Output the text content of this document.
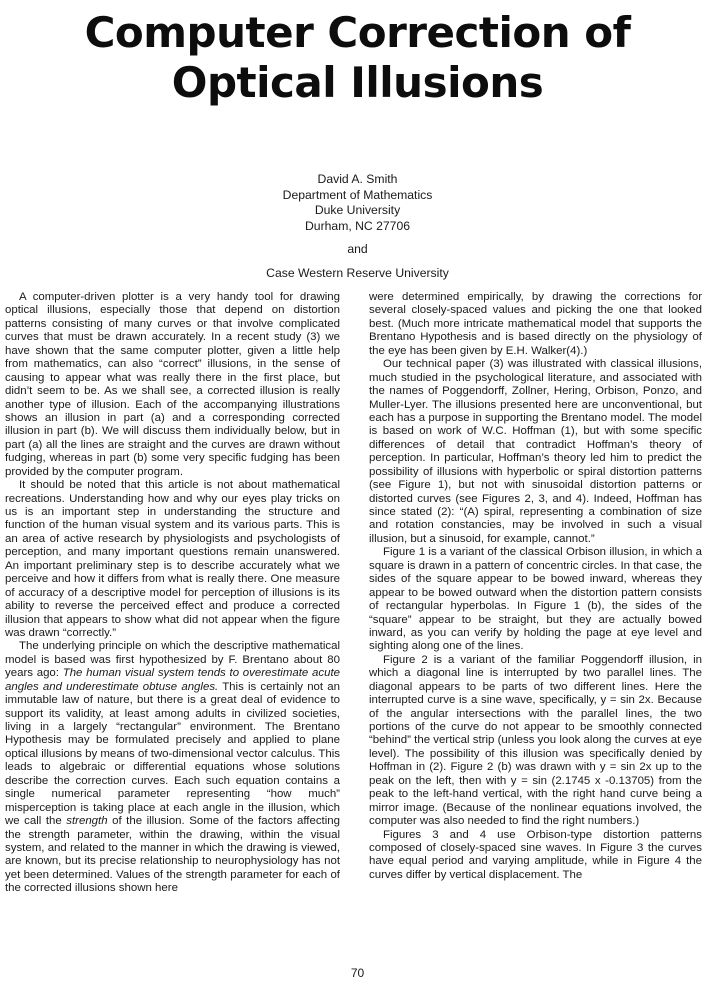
Computer Correction of
Optical Illusions
David A. Smith
Department of Mathematics
Duke University
Durham, NC 27706
and
Case Western Reserve University

A computer-driven plotter is a very handy tool for drawing optical illusions, especially those that depend on distortion patterns consisting of many curves or that involve complicated curves that must be drawn accurately. In a recent study (3) we have shown that the same computer plotter, given a little help from mathematics, can also “correct” illusions, in the sense of causing to appear what was really there in the first place, but didn’t seem to be. As we shall see, a corrected illusion is really another type of illusion. Each of the accompanying illustrations shows an illusion in part (a) and a corresponding corrected illusion in part (b). We will discuss them individually below, but in part (a) all the lines are straight and the curves are drawn without fudging, whereas in part (b) some very specific fudging has been provided by the computer program.

It should be noted that this article is not about mathematical recreations. Understanding how and why our eyes play tricks on us is an important step in understanding the structure and function of the human visual system and its various parts. This is an area of active research by physiologists and psychologists of perception, and many important questions remain unanswered. An important preliminary step is to describe accurately what we perceive and how it differs from what is really there. One measure of accuracy of a descriptive model for perception of illusions is its ability to reverse the perceived effect and produce a corrected illusion that appears to show what did not appear when the figure was drawn “correctly.”

The underlying principle on which the descriptive mathematical model is based was first hypothesized by F. Brentano about 80 years ago: The human visual system tends to overestimate acute angles and underestimate obtuse angles. This is certainly not an immutable law of nature, but there is a great deal of evidence to support its validity, at least among adults in civilized societies, living in a largely “rectangular” environment. The Brentano Hypothesis may be formulated precisely and applied to plane optical illusions by means of two-dimensional vector calculus. This leads to algebraic or differential equations whose solutions describe the correction curves. Each such equation contains a single numerical parameter representing “how much” misperception is taking place at each angle in the illusion, which we call the strength of the illusion. Some of the factors affecting the strength parameter, within the drawing, within the visual system, and related to the manner in which the drawing is viewed, are known, but its precise relationship to neurophysiology has not yet been determined. Values of the strength parameter for each of the corrected illusions shown here

were determined empirically, by drawing the corrections for several closely-spaced values and picking the one that looked best. (Much more intricate mathematical model that supports the Brentano Hypothesis and is based directly on the physiology of the eye has been given by E.H. Walker(4).)

Our technical paper (3) was illustrated with classical illusions, much studied in the psychological literature, and associated with the names of Poggendorff, Zollner, Hering, Orbison, Ponzo, and Muller-Lyer. The illusions presented here are unconventional, but each has a purpose in supporting the Brentano model. The model is based on work of W.C. Hoffman (1), but with some specific differences of detail that contradict Hoffman’s theory of perception. In particular, Hoffman’s theory led him to predict the possibility of illusions with hyperbolic or spiral distortion patterns (see Figure 1), but not with sinusoidal distortion patterns or distorted curves (see Figures 2, 3, and 4). Indeed, Hoffman has since stated (2): “(A) spiral, representing a combination of size and rotation constancies, may be involved in such a visual illusion, but a sinusoid, for example, cannot.”

Figure 1 is a variant of the classical Orbison illusion, in which a square is drawn in a pattern of concentric circles. In that case, the sides of the square appear to be bowed inward, whereas they appear to be bowed outward when the distortion pattern consists of rectangular hyperbolas. In Figure 1 (b), the sides of the “square” appear to be straight, but they are actually bowed inward, as you can verify by holding the page at eye level and sighting along one of the lines.

Figure 2 is a variant of the familiar Poggendorff illusion, in which a diagonal line is interrupted by two parallel lines. The diagonal appears to be parts of two different lines. Here the interrupted curve is a sine wave, specifically, y = sin 2x. Because of the angular intersections with the parallel lines, the two portions of the curve do not appear to be smoothly connected “behind” the vertical strip (unless you look along the curves at eye level). The possibility of this illusion was specifically denied by Hoffman in (2). Figure 2 (b) was drawn with y = sin 2x up to the peak on the left, then with y = sin (2.1745 x -0.13705) from the peak to the left-hand vertical, with the right hand curve being a mirror image. (Because of the nonlinear equations involved, the computer was also needed to find the right numbers.)

Figures 3 and 4 use Orbison-type distortion patterns composed of closely-spaced sine waves. In Figure 3 the curves have equal period and varying amplitude, while in Figure 4 the curves differ by vertical displacement. The

70
